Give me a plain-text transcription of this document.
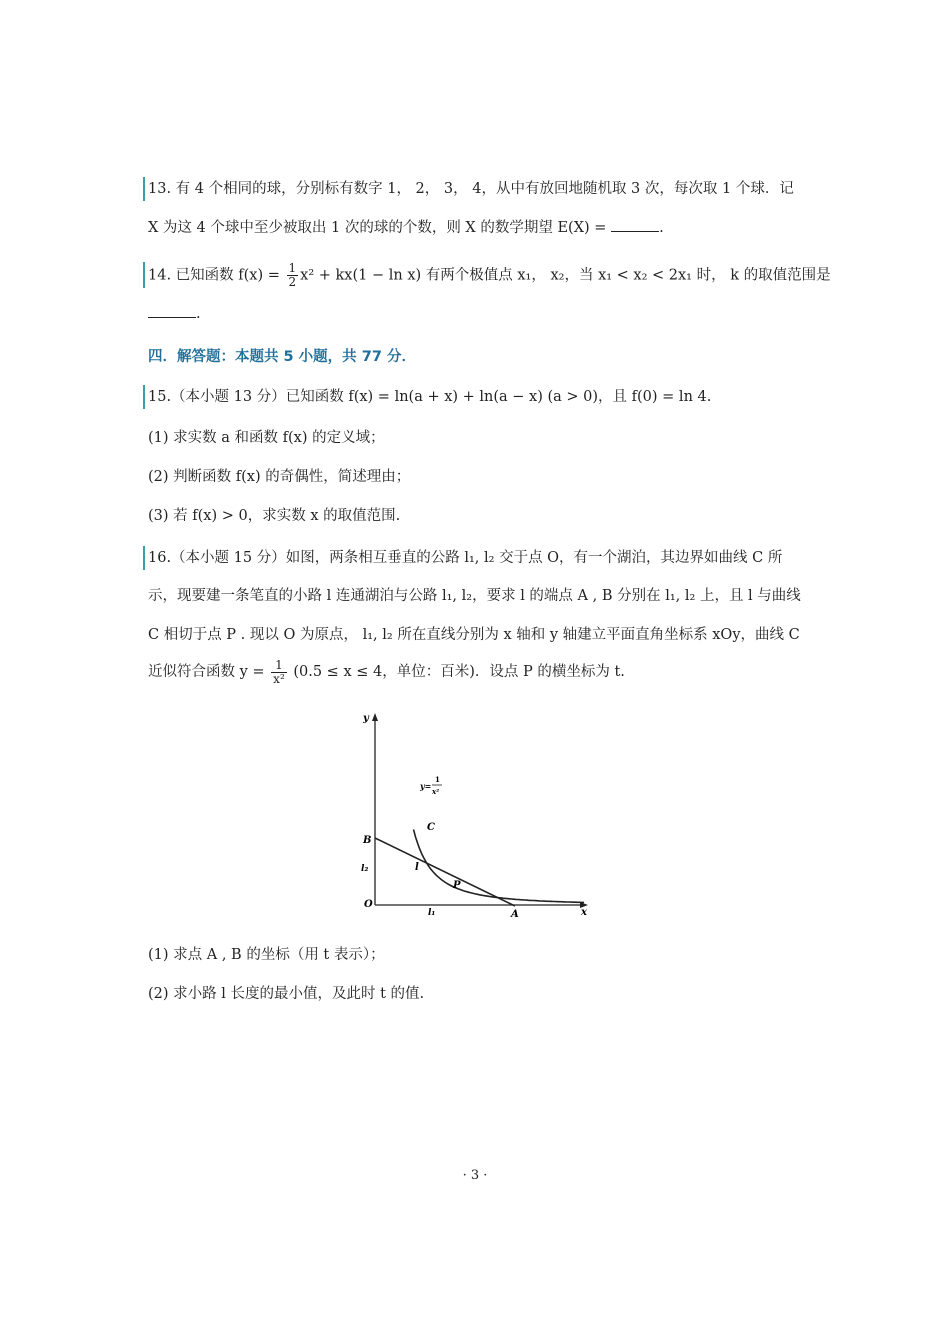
13. 有 4 个相同的球，分别标有数字 1， 2， 3， 4，从中有放回地随机取 3 次，每次取 1 个球．记
X 为这 4 个球中至少被取出 1 次的球的个数，则 X 的数学期望 E(X) =	.
14. 已知函数 $f(x) = \frac{1}{2} x^2 + kx(1 - \ln x)$ 有两个极值点 x₁， x₂，当 x₁ < x₂ < 2x₁ 时， k 的取值范围是
.
四．解答题：本题共 5 小题，共 77 分．
15.（本小题 13 分）已知函数 f(x) = ln(a + x) + ln(a − x) (a > 0)，且 f(0) = ln 4.
(1) 求实数 a 和函数 f(x) 的定义域；
(2) 判断函数 f(x) 的奇偶性，简述理由；
(3) 若 f(x) > 0，求实数 x 的取值范围.
16.（本小题 15 分）如图，两条相互垂直的公路 l₁, l₂ 交于点 O，有一个湖泊，其边界如曲线 C 所
示，现要建一条笔直的小路 l 连通湖泊与公路 l₁, l₂，要求 l 的端点 A , B 分别在 l₁, l₂ 上，且 l 与曲线
C 相切于点 P . 现以 O 为原点， l₁, l₂ 所在直线分别为 x 轴和 y 轴建立平面直角坐标系 xOy，曲线 C
近似符合函数 $y = \frac{1}{\text{x²}} (0.5 \le x \le 4$，单位：百米)．设点 P 的横坐标为 t.
y
x
O
B
A
P
C
l
l₁
l₂
y=
1
x²
(1) 求点 A , B 的坐标（用 t 表示）；
(2) 求小路 l 长度的最小值，及此时 t 的值.
· 3 ·
